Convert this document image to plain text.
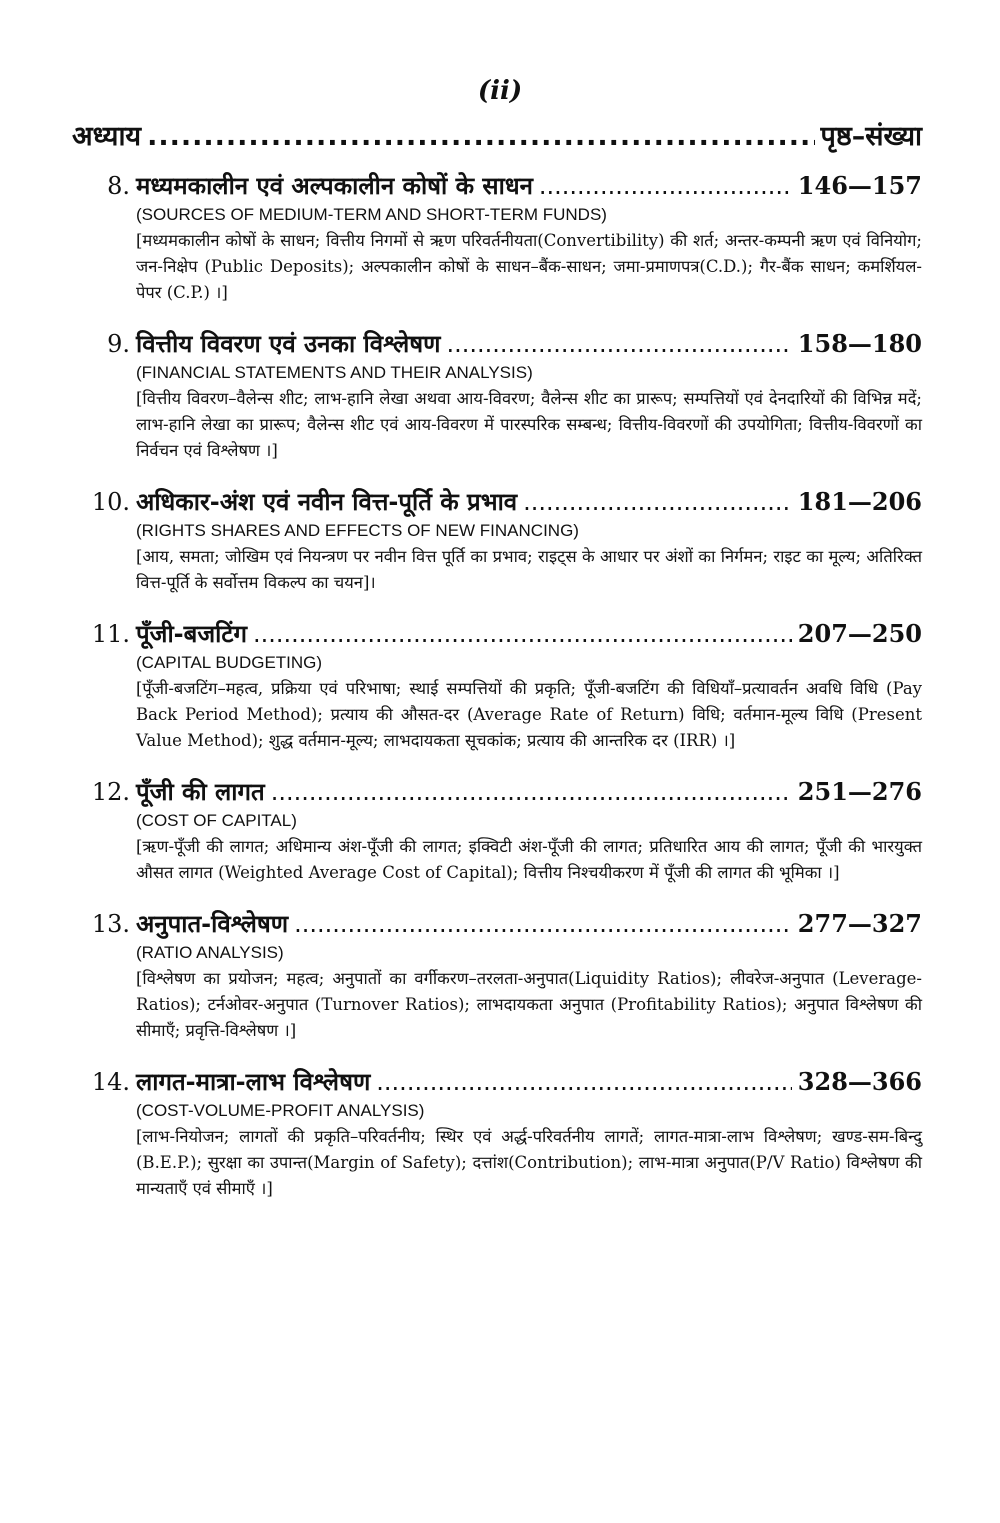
(ii)
अध्याय .....	पृष्ठ–संख्या
8. मध्यमकालीन एवं अल्पकालीन कोषों के साधन .....	146—157
(SOURCES OF MEDIUM-TERM AND SHORT-TERM FUNDS)
[मध्यमकालीन कोषों के साधन; वित्तीय निगमों से ऋण परिवर्तनीयता(Convertibility) की शर्त; अन्तर-कम्पनी ऋण एवं विनियोग; जन-निक्षेप (Public Deposits); अल्पकालीन कोषों के साधन–बैंक-साधन; जमा-प्रमाणपत्र(C.D.); गैर-बैंक साधन; कमर्शियल-पेपर (C.P.) ।]
9. वित्तीय विवरण एवं उनका विश्लेषण .....	158—180
(FINANCIAL STATEMENTS AND THEIR ANALYSIS)
[वित्तीय विवरण–वैलेन्स शीट; लाभ-हानि लेखा अथवा आय-विवरण; वैलेन्स शीट का प्रारूप; सम्पत्तियों एवं देनदारियों की विभिन्न मदें; लाभ-हानि लेखा का प्रारूप; वैलेन्स शीट एवं आय-विवरण में पारस्परिक सम्बन्ध; वित्तीय-विवरणों की उपयोगिता; वित्तीय-विवरणों का निर्वचन एवं विश्लेषण ।]
10. अधिकार-अंश एवं नवीन वित्त-पूर्ति के प्रभाव .....	181—206
(RIGHTS SHARES AND EFFECTS OF NEW FINANCING)
[आय, समता; जोखिम एवं नियन्त्रण पर नवीन वित्त पूर्ति का प्रभाव; राइट्स के आधार पर अंशों का निर्गमन; राइट का मूल्य; अतिरिक्त वित्त-पूर्ति के सर्वोत्तम विकल्प का चयन]।
11. पूँजी-बजटिंग .....	207—250
(CAPITAL BUDGETING)
[पूँजी-बजटिंग–महत्व, प्रक्रिया एवं परिभाषा; स्थाई सम्पत्तियों की प्रकृति; पूँजी-बजटिंग की विधियाँ–प्रत्यावर्तन अवधि विधि (Pay Back Period Method); प्रत्याय की औसत-दर (Average Rate of Return) विधि; वर्तमान-मूल्य विधि (Present Value Method); शुद्ध वर्तमान-मूल्य; लाभदायकता सूचकांक; प्रत्याय की आन्तरिक दर (IRR) ।]
12. पूँजी की लागत .....	251—276
(COST OF CAPITAL)
[ऋण-पूँजी की लागत; अधिमान्य अंश-पूँजी की लागत; इक्विटी अंश-पूँजी की लागत; प्रतिधारित आय की लागत; पूँजी की भारयुक्त औसत लागत (Weighted Average Cost of Capital); वित्तीय निश्चयीकरण में पूँजी की लागत की भूमिका ।]
13. अनुपात-विश्लेषण .....	277—327
(RATIO ANALYSIS)
[विश्लेषण का प्रयोजन; महत्व; अनुपातों का वर्गीकरण–तरलता-अनुपात(Liquidity Ratios); लीवरेज-अनुपात (Leverage-Ratios); टर्नओवर-अनुपात (Turnover Ratios); लाभदायकता अनुपात (Profitability Ratios); अनुपात विश्लेषण की सीमाएँ; प्रवृत्ति-विश्लेषण ।]
14. लागत-मात्रा-लाभ विश्लेषण .....	328—366
(COST-VOLUME-PROFIT ANALYSIS)
[लाभ-नियोजन; लागतों की प्रकृति–परिवर्तनीय; स्थिर एवं अर्द्ध-परिवर्तनीय लागतें; लागत-मात्रा-लाभ विश्लेषण; खण्ड-सम-बिन्दु (B.E.P.); सुरक्षा का उपान्त(Margin of Safety); दत्तांश(Contribution); लाभ-मात्रा अनुपात(P/V Ratio) विश्लेषण की मान्यताएँ एवं सीमाएँ ।]
